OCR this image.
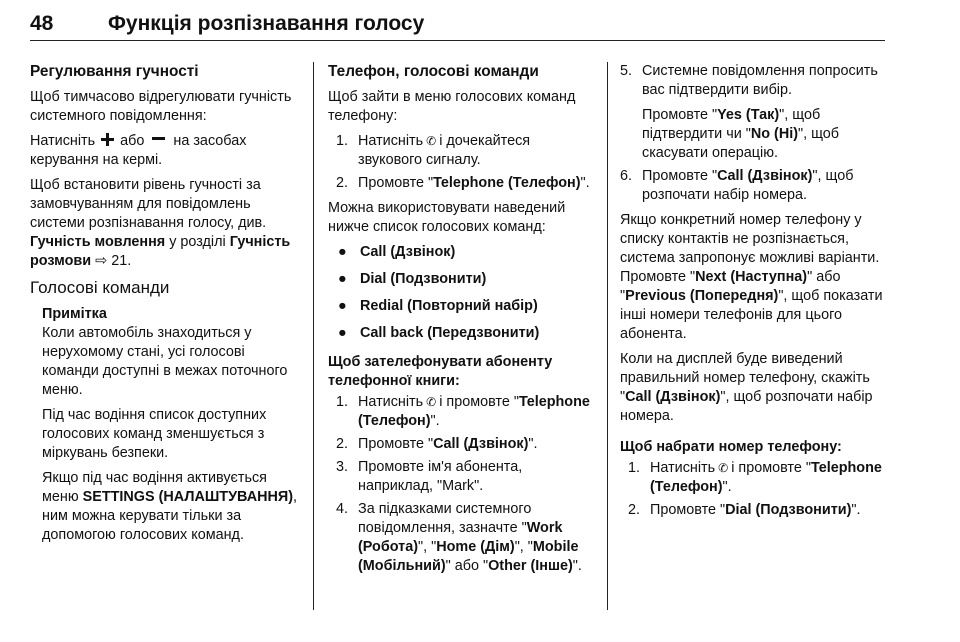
48	Функція розпізнавання голосу
Регулювання гучності

Щоб тимчасово відрегулювати гучність системного повідомлення:

Натисніть або на засобах керування на кермі.

Щоб встановити рівень гучності за замовчуванням для повідомлень системи розпізнавання голосу, див. Гучність мовлення у розділі Гучність розмови ⇨ 21.

Голосові команди

Примітка

Коли автомобіль знаходиться у нерухомому стані, усі голосові команди доступні в межах поточного меню.

Під час водіння список доступних голосових команд зменшується з міркувань безпеки.

Якщо під час водіння активується меню SETTINGS (НАЛАШТУВАННЯ), ним можна керувати тільки за допомогою голосових команд.

Телефон, голосові команди

Щоб зайти в меню голосових команд телефону:

1. Натисніть ✆ і дочекайтеся звукового сигналу.
2. Промовте "Telephone (Телефон)".

Можна використовувати наведений нижче список голосових команд:

● Call (Дзвінок)
● Dial (Подзвонити)
● Redial (Повторний набір)
● Call back (Передзвонити)

Щоб зателефонувати абоненту телефонної книги:

1. Натисніть ✆ і промовте "Telephone (Телефон)".
2. Промовте "Call (Дзвінок)".
3. Промовте ім'я абонента, наприклад, "Mark".
4. За підказками системного повідомлення, зазначте "Work (Робота)", "Home (Дім)", "Mobile (Мобільний)" або "Other (Інше)".
5. Системне повідомлення попросить вас підтвердити вибір.
Промовте "Yes (Так)", щоб підтвердити чи "No (Ні)", щоб скасувати операцію.
6. Промовте "Call (Дзвінок)", щоб розпочати набір номера.

Якщо конкретний номер телефону у списку контактів не розпізнається, система запропонує можливі варіанти. Промовте "Next (Наступна)" або "Previous (Попередня)", щоб показати інші номери телефонів для цього абонента.

Коли на дисплей буде виведений правильний номер телефону, скажіть "Call (Дзвінок)", щоб розпочати набір номера.

Щоб набрати номер телефону:

1. Натисніть ✆ і промовте "Telephone (Телефон)".
2. Промовте "Dial (Подзвонити)".
